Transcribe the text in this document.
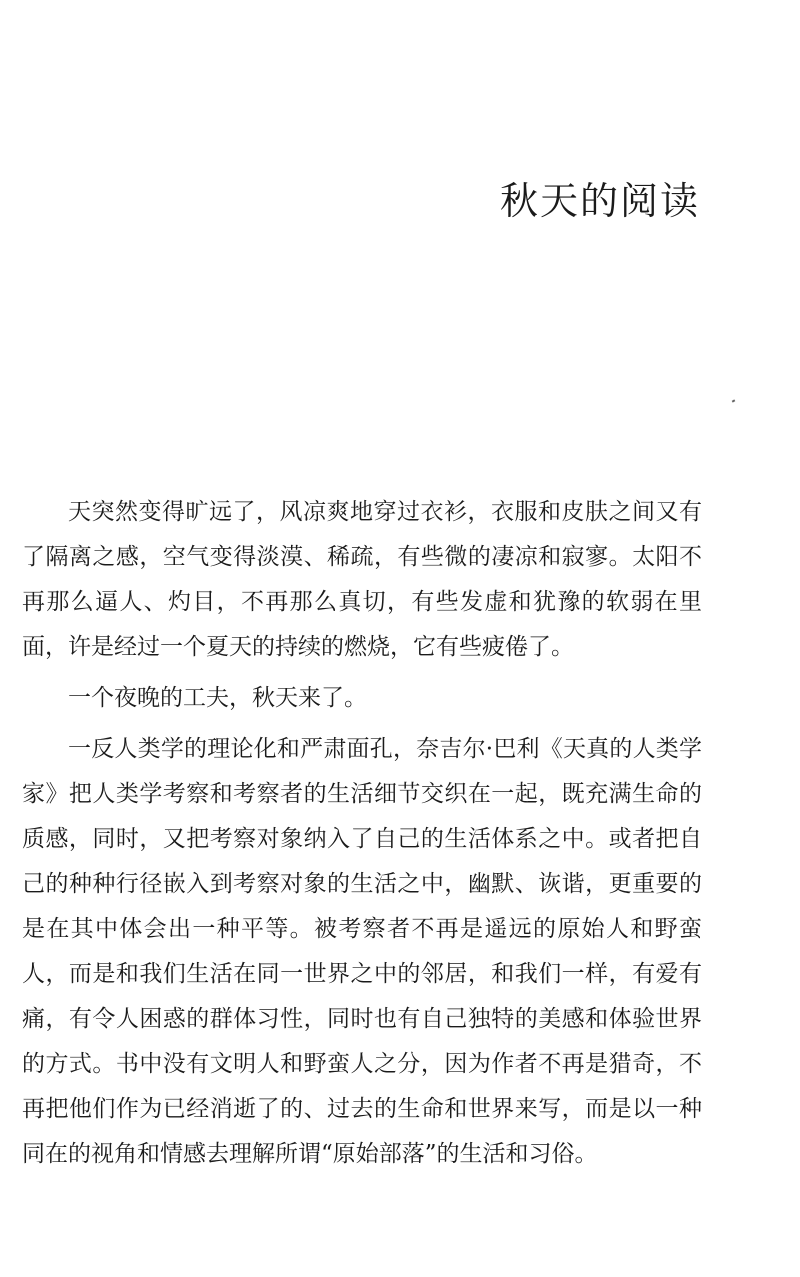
秋天的阅读

天突然变得旷远了，风凉爽地穿过衣衫，衣服和皮肤之间又有了隔离之感，空气变得淡漠、稀疏，有些微的凄凉和寂寥。太阳不再那么逼人、灼目，不再那么真切，有些发虚和犹豫的软弱在里面，许是经过一个夏天的持续的燃烧，它有些疲倦了。

一个夜晚的工夫，秋天来了。

一反人类学的理论化和严肃面孔，奈吉尔·巴利《天真的人类学家》把人类学考察和考察者的生活细节交织在一起，既充满生命的质感，同时，又把考察对象纳入了自己的生活体系之中。或者把自己的种种行径嵌入到考察对象的生活之中，幽默、诙谐，更重要的是在其中体会出一种平等。被考察者不再是遥远的原始人和野蛮人，而是和我们生活在同一世界之中的邻居，和我们一样，有爱有痛，有令人困惑的群体习性，同时也有自己独特的美感和体验世界的方式。书中没有文明人和野蛮人之分，因为作者不再是猎奇，不再把他们作为已经消逝了的、过去的生命和世界来写，而是以一种同在的视角和情感去理解所谓“原始部落”的生活和习俗。
